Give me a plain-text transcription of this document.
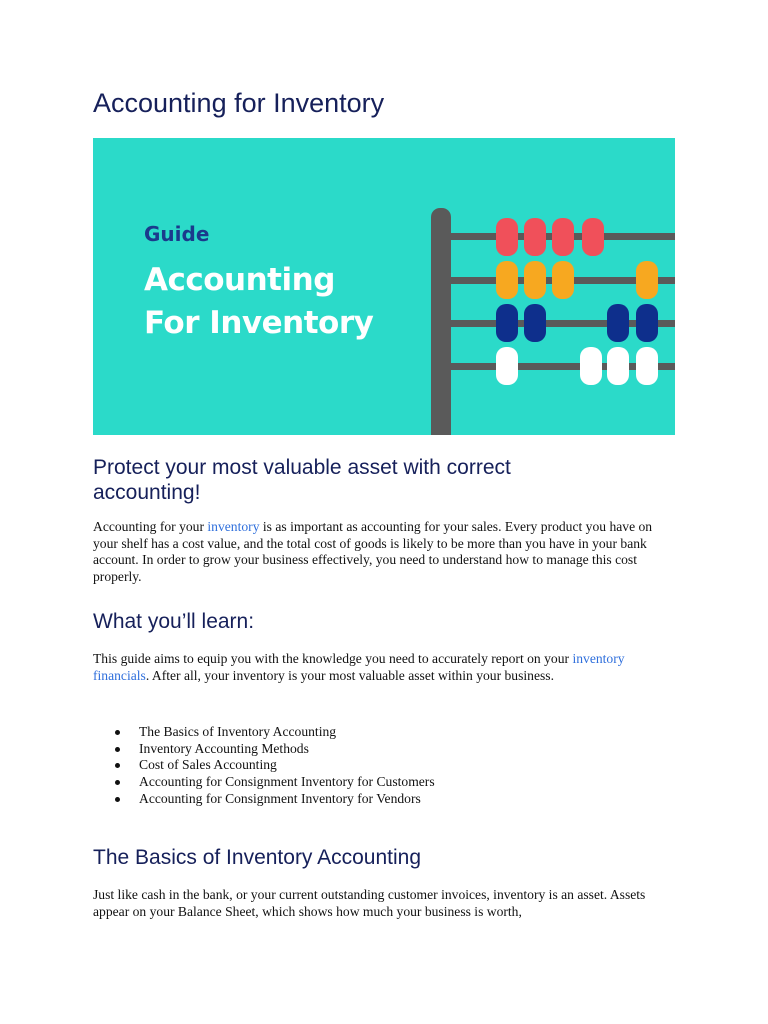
Accounting for Inventory
Guide
Accounting
For Inventory
Protect your most valuable asset with correct accounting!

Accounting for your inventory is as important as accounting for your sales. Every product you have on your shelf has a cost value, and the total cost of goods is likely to be more than you have in your bank account. In order to grow your business effectively, you need to understand how to manage this cost properly.

What you’ll learn:

This guide aims to equip you with the knowledge you need to accurately report on your inventory financials. After all, your inventory is your most valuable asset within your business.

The Basics of Inventory Accounting
Inventory Accounting Methods
Cost of Sales Accounting
Accounting for Consignment Inventory for Customers
Accounting for Consignment Inventory for Vendors
The Basics of Inventory Accounting

Just like cash in the bank, or your current outstanding customer invoices, inventory is an asset. Assets appear on your Balance Sheet, which shows how much your business is worth,
